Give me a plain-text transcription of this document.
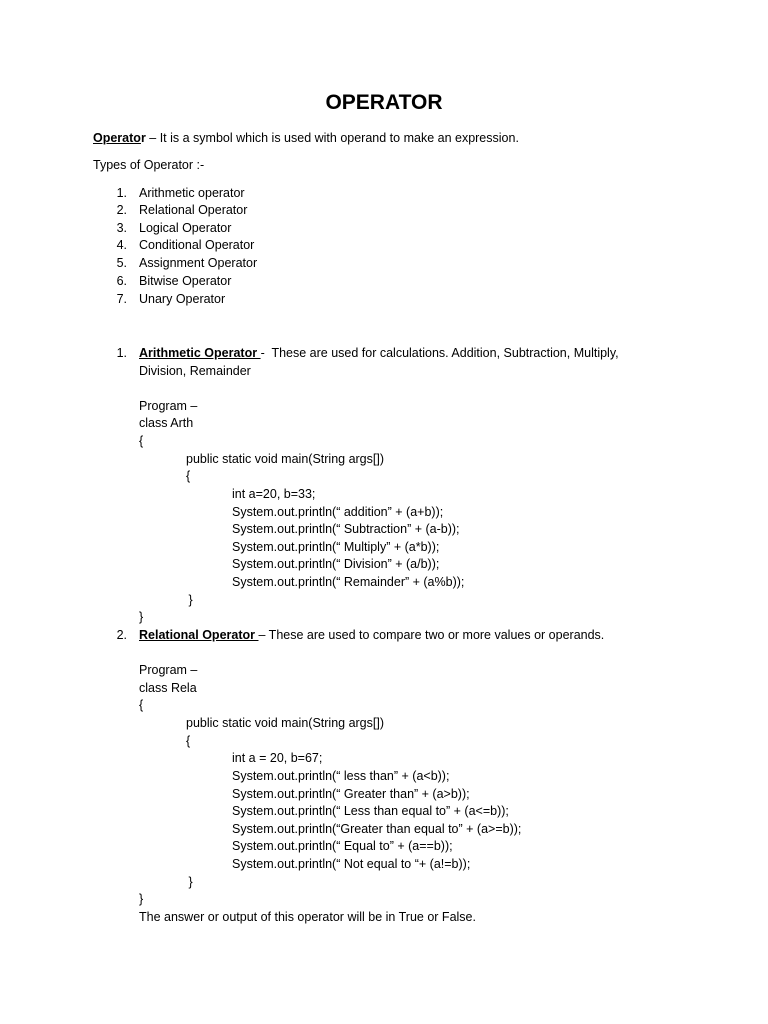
OPERATOR
Operator – It is a symbol which is used with operand to make an expression.
Types of Operator :-
1. Arithmetic operator
2. Relational Operator
3. Logical Operator
4. Conditional Operator
5. Assignment Operator
6. Bitwise Operator
7. Unary Operator
1. Arithmetic Operator -  These are used for calculations. Addition, Subtraction, Multiply,
Division, Remainder
Program –
class Arth
{
public static void main(String args[])
{
int a=20, b=33;
System.out.println(“ addition” + (a+b));
System.out.println(“ Subtraction” + (a-b));
System.out.println(“ Multiply” + (a*b));
System.out.println(“ Division” + (a/b));
System.out.println(“ Remainder” + (a%b));
}
}
2. Relational Operator – These are used to compare two or more values or operands.
Program –
class Rela
{
public static void main(String args[])
{
int a = 20, b=67;
System.out.println(“ less than” + (a<b));
System.out.println(“ Greater than” + (a>b));
System.out.println(“ Less than equal to” + (a<=b));
System.out.println(“Greater than equal to” + (a>=b));
System.out.println(“ Equal to” + (a==b));
System.out.println(“ Not equal to “+ (a!=b));
}
}
The answer or output of this operator will be in True or False.
